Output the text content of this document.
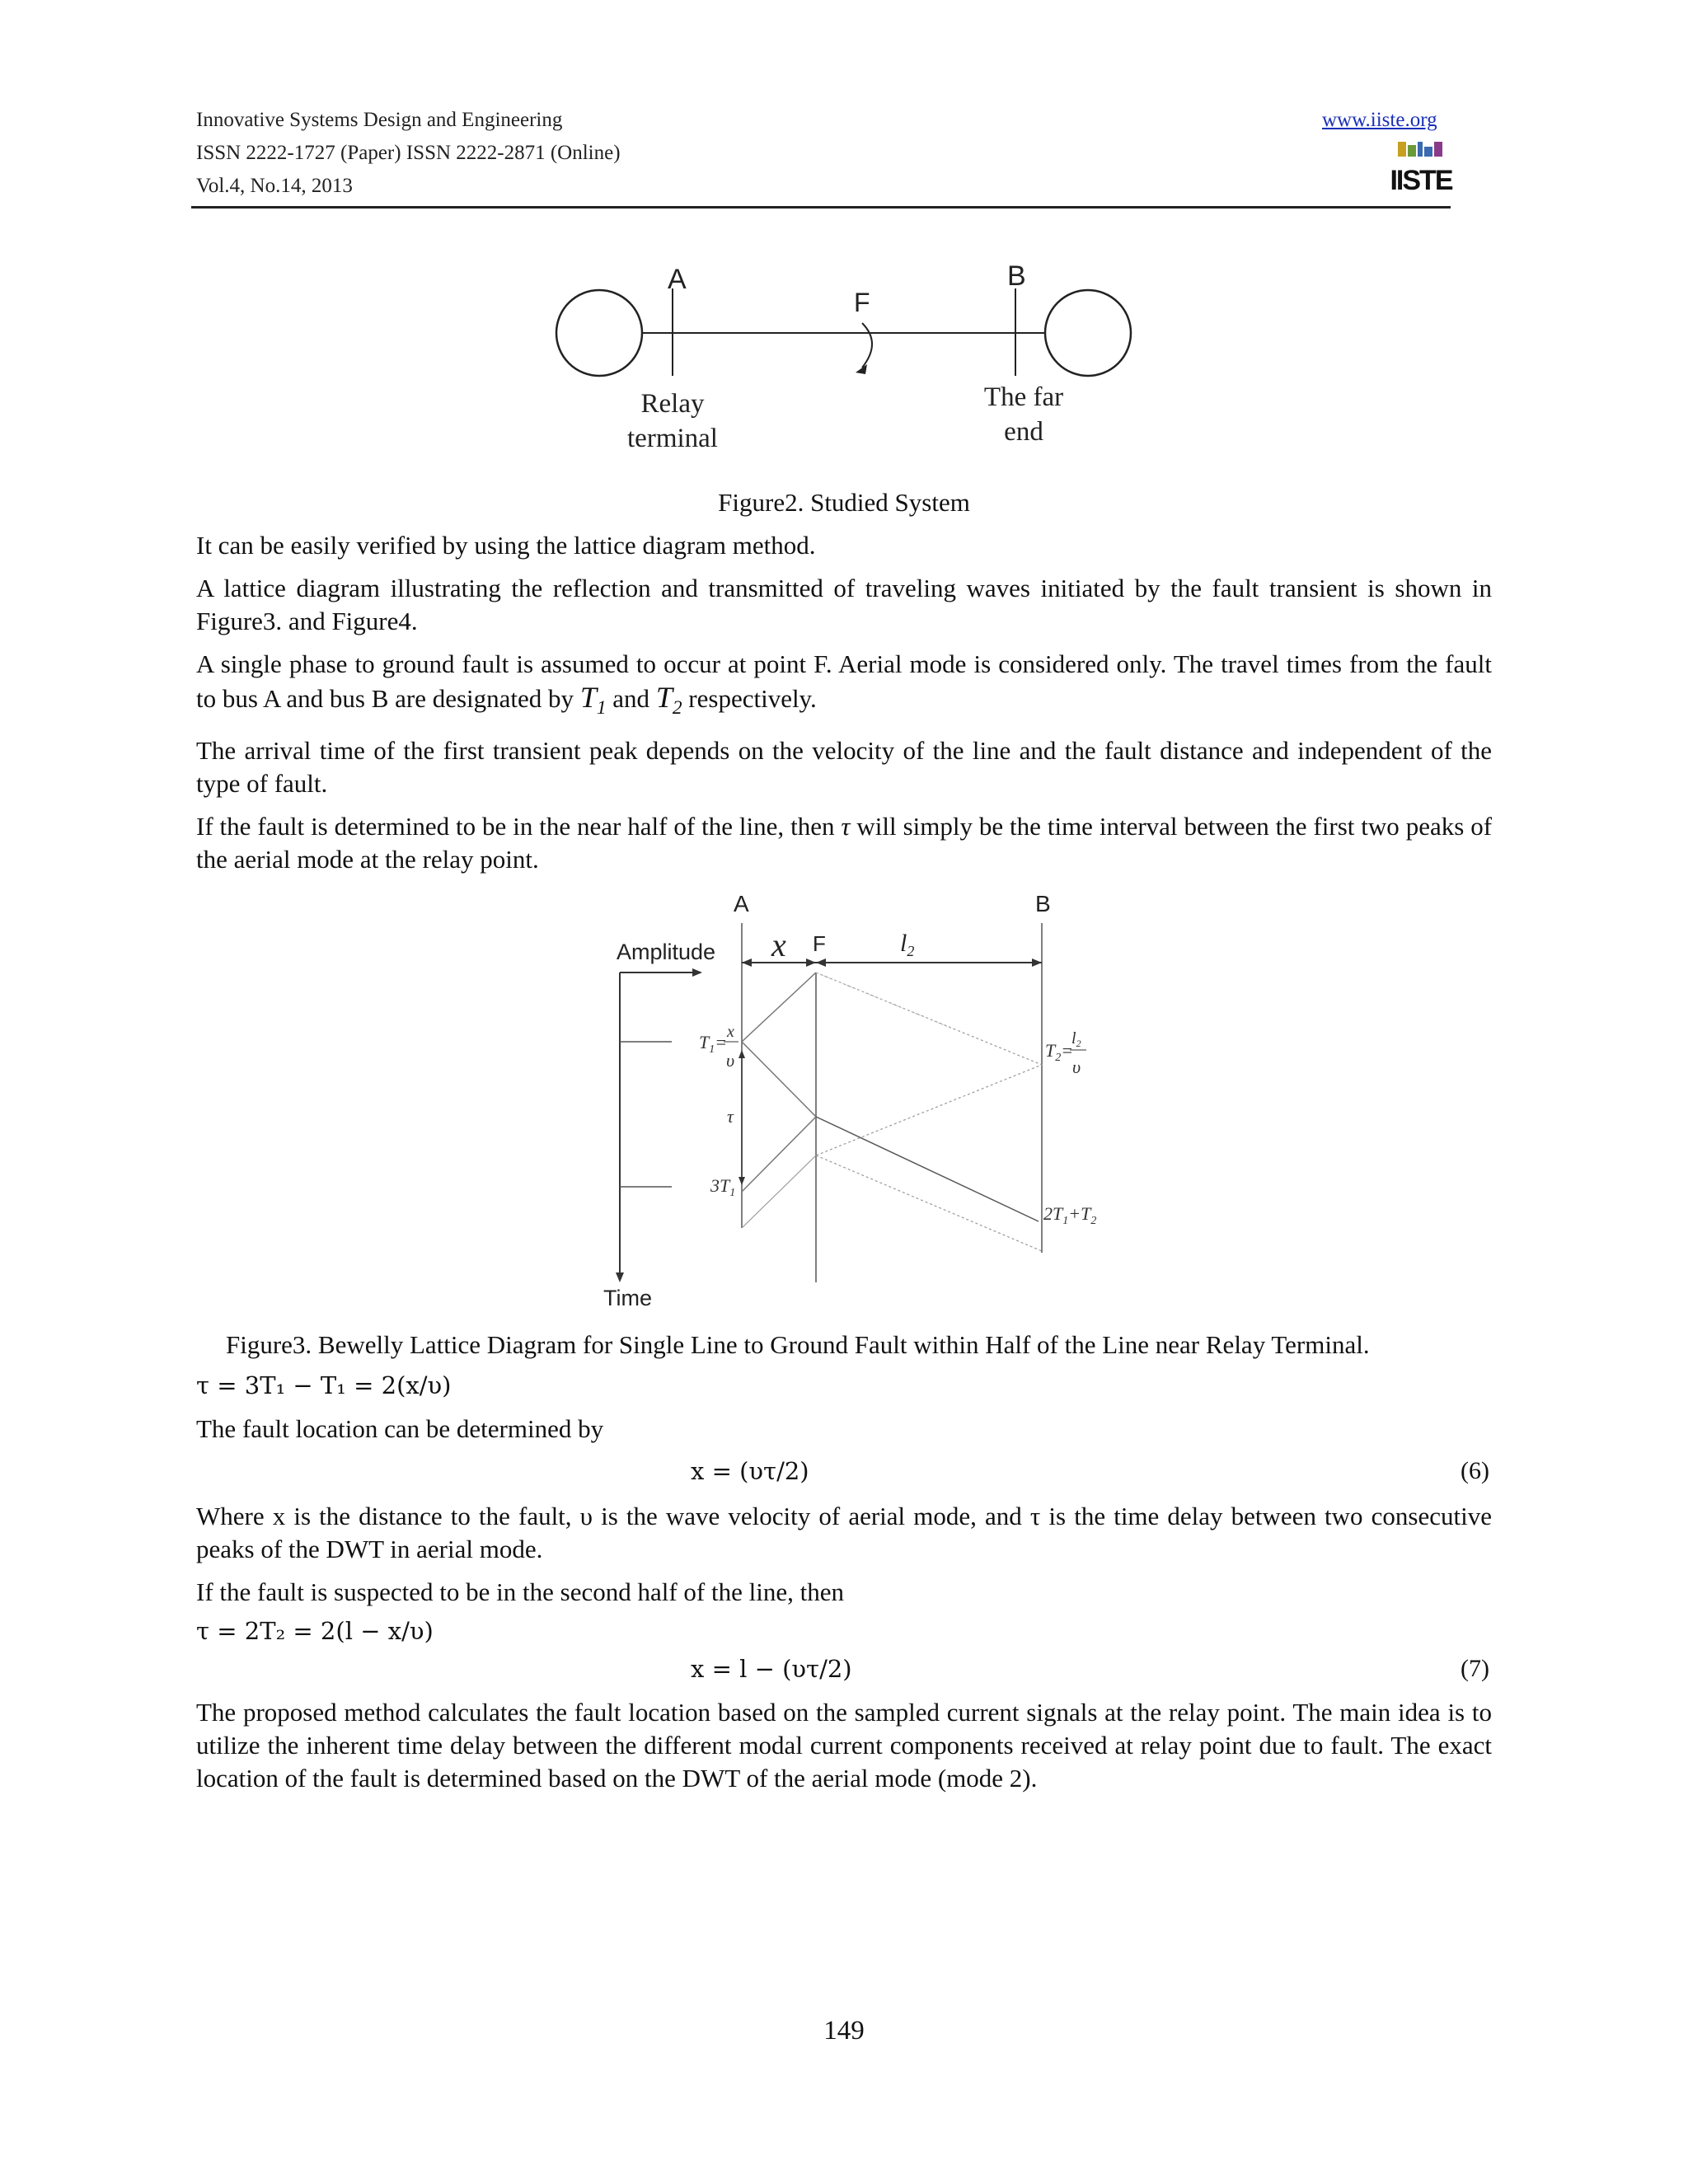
Innovative Systems Design and Engineering
ISSN 2222-1727 (Paper) ISSN 2222-2871 (Online)
Vol.4, No.14, 2013
www.iiste.org
IISTE
A
F
B
Relay
terminal
The far
end
Figure2. Studied System

It can be easily verified by using the lattice diagram method.

A lattice diagram illustrating the reflection and transmitted of traveling waves initiated by the fault transient is shown in Figure3. and Figure4.

A single phase to ground fault is assumed to occur at point F. Aerial mode is considered only. The travel times from the fault to bus A and bus B are designated by $T_1$ and $T_2$ respectively.

The arrival time of the first transient peak depends on the velocity of the line and the fault distance and independent of the type of fault.

If the fault is determined to be in the near half of the line, then τ will simply be the time interval between the first two peaks of the aerial mode at the relay point.

A	B
F
x	$l_2$
Amplitude
Time
$T_1= x$
υ	$T_2=$
$l_2$
υ
τ
$3T_1$
$2T_1+T_2$
Figure3. Bewelly Lattice Diagram for Single Line to Ground Fault within Half of the Line near Relay Terminal.
τ = 3T₁ − T₁ = 2(x/υ)
The fault location can be determined by
x = (υτ/2)	(6)
Where x is the distance to the fault, υ is the wave velocity of aerial mode, and τ is the time delay between two consecutive peaks of the DWT in aerial mode.
If the fault is suspected to be in the second half of the line, then
τ = 2T₂ = 2(l − x/υ)
x = l − (υτ/2)	(7)
The proposed method calculates the fault location based on the sampled current signals at the relay point. The main idea is to utilize the inherent time delay between the different modal current components received at relay point due to fault. The exact location of the fault is determined based on the DWT of the aerial mode (mode 2).
149
